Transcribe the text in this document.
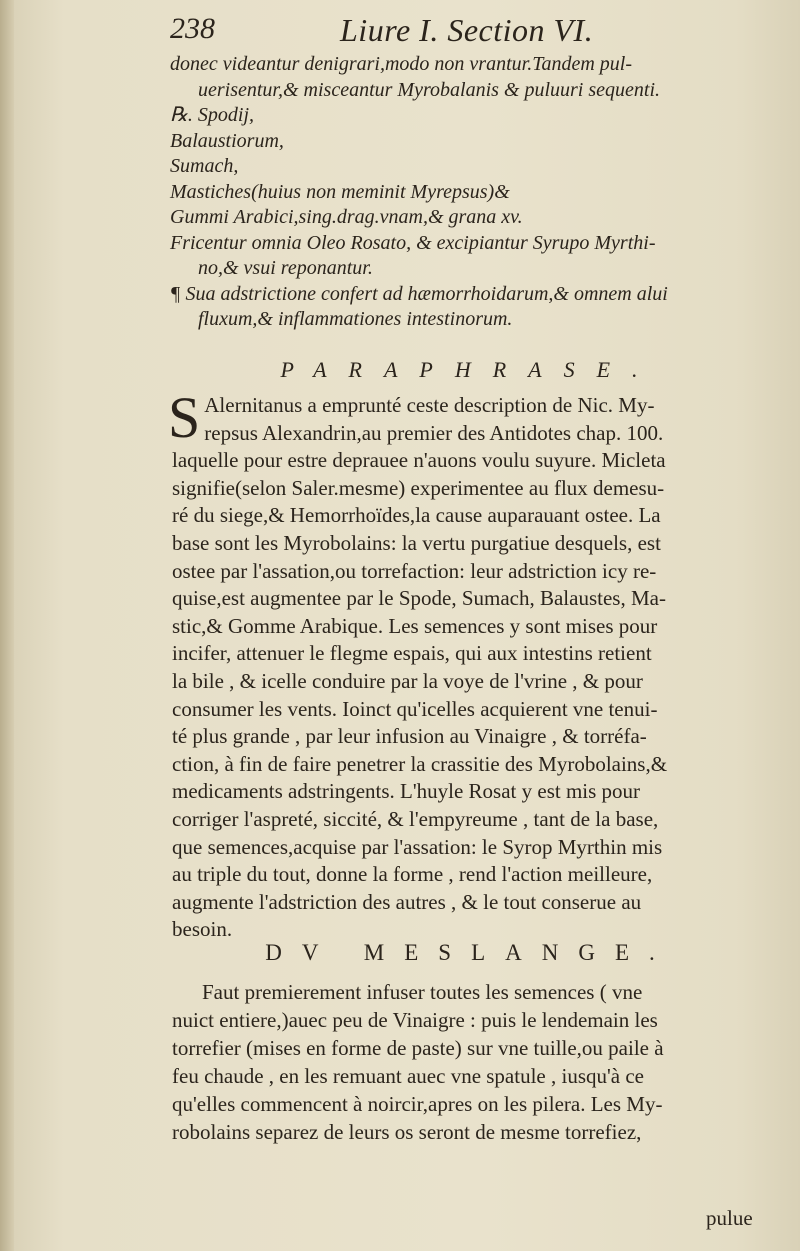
238	Liure I. Section VI.

donec videantur denigrari,modo non vrantur.Tandem pul-

uerisentur,& misceantur Myrobalanis & puluuri sequenti.

℞. Spodij,

Balaustiorum,

Sumach,

Mastiches(huius non meminit Myrepsus)&

Gummi Arabici,sing.drag.vnam,& grana xv.

Fricentur omnia Oleo Rosato, & excipiantur Syrupo Myrthi-

no,& vsui reponantur.

¶ Sua adstrictione confert ad hæmorrhoidarum,& omnem alui

fluxum,& inflammationes intestinorum.

PARAPHRASE.
S Alernitanus a emprunté ceste description de Nic. My-

repsus Alexandrin,au premier des Antidotes chap. 100.

laquelle pour estre deprauee n'auons voulu suyure. Micleta

signifie(selon Saler.mesme) experimentee au flux demesu-

ré du siege,& Hemorrhoïdes,la cause auparauant ostee. La

base sont les Myrobolains: la vertu purgatiue desquels, est

ostee par l'assation,ou torrefaction: leur adstriction icy re-

quise,est augmentee par le Spode, Sumach, Balaustes, Ma-

stic,& Gomme Arabique. Les semences y sont mises pour

incifer, attenuer le flegme espais, qui aux intestins retient

la bile , & icelle conduire par la voye de l'vrine , & pour

consumer les vents. Ioinct qu'icelles acquierent vne tenui-

té plus grande , par leur infusion au Vinaigre , & torréfa-

ction, à fin de faire penetrer la crassitie des Myrobolains,&

medicaments adstringents. L'huyle Rosat y est mis pour

corriger l'aspreté, siccité, & l'empyreume , tant de la base,

que semences,acquise par l'assation: le Syrop Myrthin mis

au triple du tout, donne la forme , rend l'action meilleure,

augmente l'adstriction des autres , & le tout conserue au

besoin.

DV MESLANGE.

Faut premierement infuser toutes les semences ( vne

nuict entiere,)auec peu de Vinaigre : puis le lendemain les

torrefier (mises en forme de paste) sur vne tuille,ou paile à

feu chaude , en les remuant auec vne spatule , iusqu'à ce

qu'elles commencent à noircir,apres on les pilera. Les My-

robolains separez de leurs os seront de mesme torrefiez,

pulue
